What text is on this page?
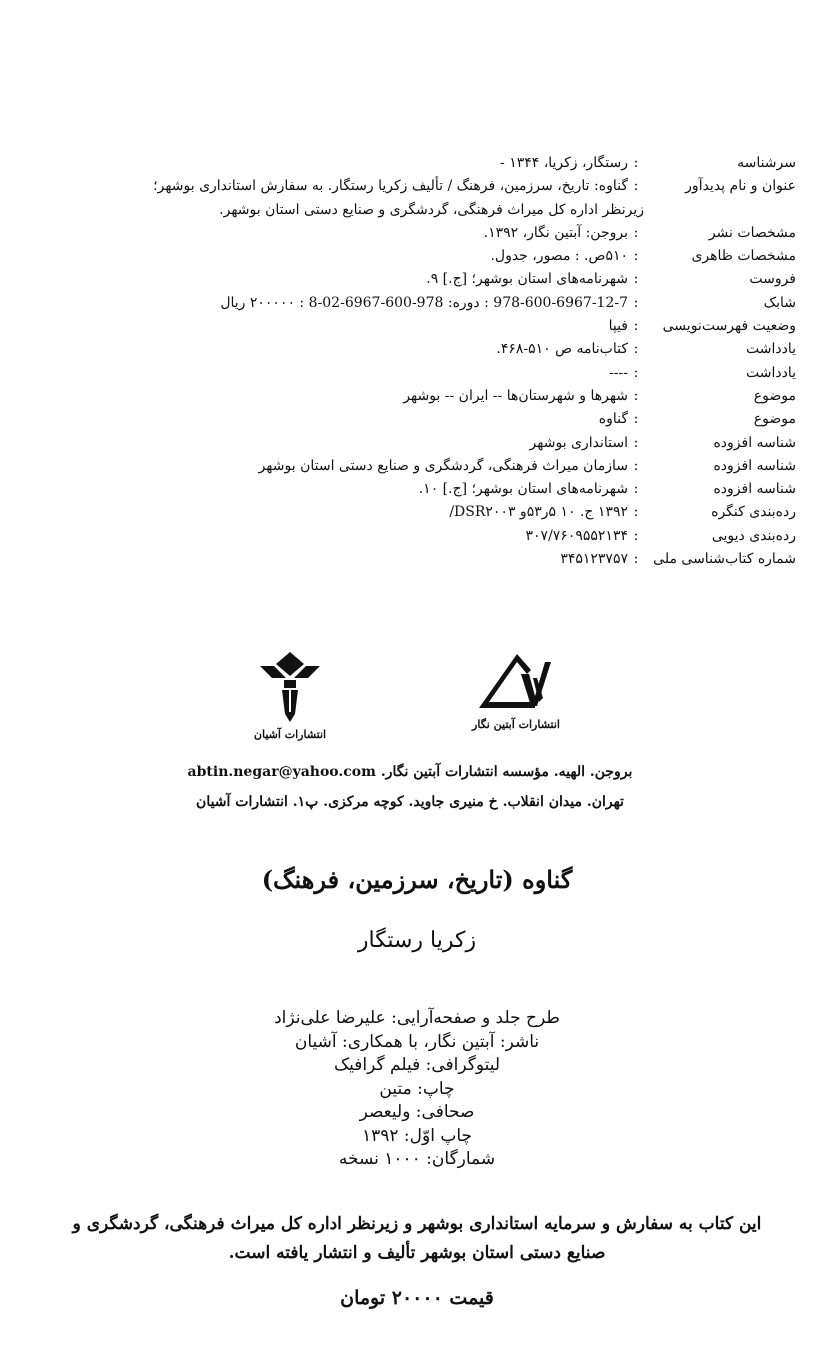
سرشناسه
:
رستگار، زکریا، ۱۳۴۴ -
عنوان و نام پدیدآور
:
گناوه: تاریخ، سرزمین، فرهنگ / تألیف زکریا رستگار. به سفارش استانداری بوشهر؛
زیرنظر اداره کل میراث فرهنگی، گردشگری و صنایع دستی استان بوشهر.
مشخصات نشر
:
بروجن: آبتین نگار، ۱۳۹۲.
مشخصات ظاهری
:
۵۱۰ص. : مصور، جدول.
فروست
:
شهرنامه‌های استان بوشهر؛ [ج.] ۹.
شابک
:
978-600-6967-12-7 : دوره: 978-600-6967-02-8 : ۲۰۰۰۰۰ ریال
وضعیت فهرست‌نویسی
:
فیپا
یادداشت
:
کتاب‌نامه ص ۵۱۰-۴۶۸.
یادداشت
:
----
موضوع
:
شهرها و شهرستان‌ها -- ایران -- بوشهر
موضوع
:
گناوه
شناسه افزوده
:
استانداری بوشهر
شناسه افزوده
:
سازمان میراث فرهنگی، گردشگری و صنایع دستی استان بوشهر
شناسه افزوده
:
شهرنامه‌های استان بوشهر؛ [ج.] ۱۰.
رده‌بندی کنگره
:
۱۳۹۲ ج. ۱۰ ۵ر۵۳و DSR۲۰۰۳/
رده‌بندی دیویی
:
۳۰۷/۷۶۰۹۵۵۲۱۳۴
شماره کتاب‌شناسی ملی
:
۳۴۵۱۲۳۷۵۷
انتشارات آشیان
انتشارات آبتین نگار
بروجن. الهیه. مؤسسه انتشارات آبتین نگار. abtin.negar@yahoo.com
تهران. میدان انقلاب. خ منیری جاوید. کوچه مرکزی. پ۱. انتشارات آشیان
گناوه (تاریخ، سرزمین، فرهنگ)
زکریا رستگار
طرح جلد و صفحه‌آرایی: علیرضا علی‌نژاد
ناشر: آبتین نگار، با همکاری: آشیان
لیتوگرافی: فیلم گرافیک
چاپ: متین
صحافی: ولیعصر
چاپ اوّل: ۱۳۹۲
شمارگان: ۱۰۰۰ نسخه
این کتاب به سفارش و سرمایه استانداری بوشهر و زیرنظر اداره کل میراث فرهنگی، گردشگری و
صنایع دستی استان بوشهر تألیف و انتشار یافته است.
قیمت ۲۰۰۰۰ تومان
